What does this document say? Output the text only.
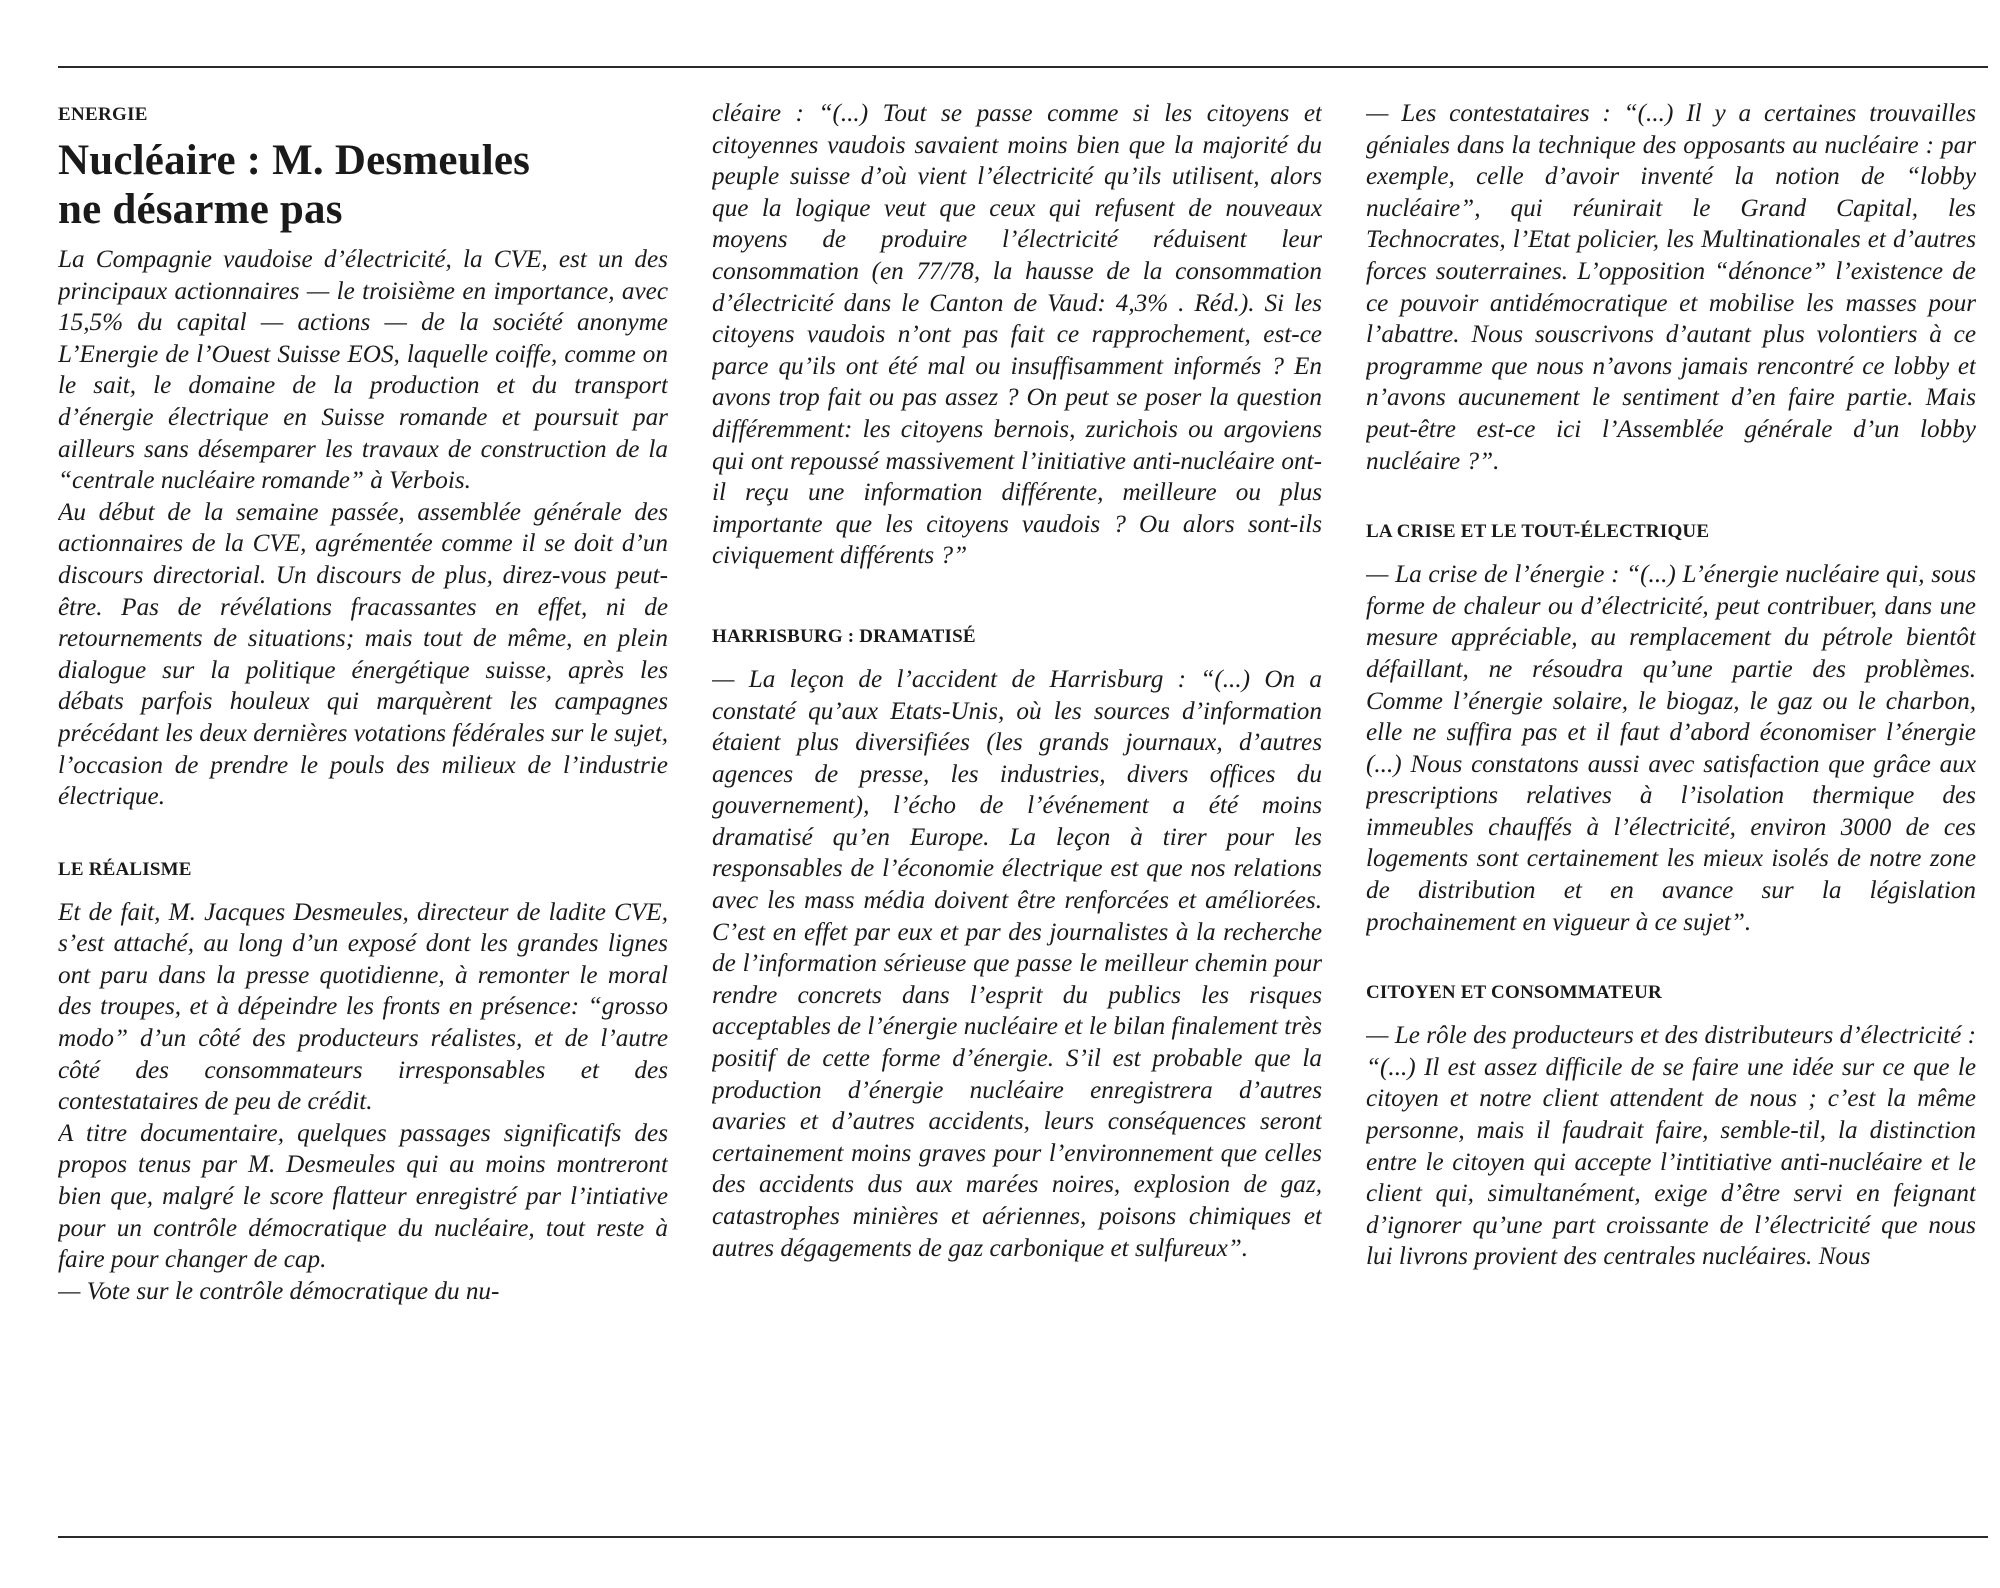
ENERGIE
Nucléaire : M. Desmeules
ne désarme pas

La Compagnie vaudoise d’électricité, la CVE, est un des principaux actionnaires — le troisième en importance, avec 15,5% du capital — actions — de la société anonyme L’Energie de l’Ouest Suisse EOS, laquelle coiffe, comme on le sait, le domaine de la production et du transport d’énergie électrique en Suisse romande et poursuit par ailleurs sans désemparer les travaux de construction de la “centrale nucléaire romande” à Verbois.

Au début de la semaine passée, assemblée générale des actionnaires de la CVE, agrémentée comme il se doit d’un discours directorial. Un discours de plus, direz-vous peut-être. Pas de révélations fracassantes en effet, ni de retournements de situations; mais tout de même, en plein dialogue sur la politique énergétique suisse, après les débats parfois houleux qui marquèrent les campagnes précédant les deux dernières votations fédérales sur le sujet, l’occasion de prendre le pouls des milieux de l’industrie électrique.

LE RÉALISME

Et de fait, M. Jacques Desmeules, directeur de ladite CVE, s’est attaché, au long d’un exposé dont les grandes lignes ont paru dans la presse quotidienne, à remonter le moral des troupes, et à dépeindre les fronts en présence: “grosso modo” d’un côté des producteurs réalistes, et de l’autre côté des consommateurs irresponsables et des contestataires de peu de crédit.

A titre documentaire, quelques passages significatifs des propos tenus par M. Desmeules qui au moins montreront bien que, malgré le score flatteur enregistré par l’intiative pour un contrôle démocratique du nucléaire, tout reste à faire pour changer de cap.

— Vote sur le contrôle démocratique du nu-

cléaire : “(...) Tout se passe comme si les citoyens et citoyennes vaudois savaient moins bien que la majorité du peuple suisse d’où vient l’électricité qu’ils utilisent, alors que la logique veut que ceux qui refusent de nouveaux moyens de produire l’électricité réduisent leur consommation (en 77/78, la hausse de la consommation d’électricité dans le Canton de Vaud: 4,3% . Réd.). Si les citoyens vaudois n’ont pas fait ce rapprochement, est-ce parce qu’ils ont été mal ou insuffisamment informés ? En avons trop fait ou pas assez ? On peut se poser la question différemment: les citoyens bernois, zurichois ou argoviens qui ont repoussé massivement l’initiative anti-nucléaire ont-il reçu une information différente, meilleure ou plus importante que les citoyens vaudois ? Ou alors sont-ils civiquement différents ?”

HARRISBURG : DRAMATISÉ

— La leçon de l’accident de Harrisburg : “(...) On a constaté qu’aux Etats-Unis, où les sources d’information étaient plus diversifiées (les grands journaux, d’autres agences de presse, les industries, divers offices du gouvernement), l’écho de l’événement a été moins dramatisé qu’en Europe. La leçon à tirer pour les responsables de l’économie électrique est que nos relations avec les mass média doivent être renforcées et améliorées. C’est en effet par eux et par des journalistes à la recherche de l’information sérieuse que passe le meilleur chemin pour rendre concrets dans l’esprit du publics les risques acceptables de l’énergie nucléaire et le bilan finalement très positif de cette forme d’énergie. S’il est probable que la production d’énergie nucléaire enregistrera d’autres avaries et d’autres accidents, leurs conséquences seront certainement moins graves pour l’environnement que celles des accidents dus aux marées noires, explosion de gaz, catastrophes minières et aériennes, poisons chimiques et autres dégagements de gaz carbonique et sulfureux”.

— Les contestataires : “(...) Il y a certaines trouvailles géniales dans la technique des opposants au nucléaire : par exemple, celle d’avoir inventé la notion de “lobby nucléaire”, qui réunirait le Grand Capital, les Technocrates, l’Etat policier, les Multinationales et d’autres forces souterraines. L’opposition “dénonce” l’existence de ce pouvoir antidémocratique et mobilise les masses pour l’abattre. Nous souscrivons d’autant plus volontiers à ce programme que nous n’avons jamais rencontré ce lobby et n’avons aucunement le sentiment d’en faire partie. Mais peut-être est-ce ici l’Assemblée générale d’un lobby nucléaire ?”.

LA CRISE ET LE TOUT-ÉLECTRIQUE

— La crise de l’énergie : “(...) L’énergie nucléaire qui, sous forme de chaleur ou d’électricité, peut contribuer, dans une mesure appréciable, au remplacement du pétrole bientôt défaillant, ne résoudra qu’une partie des problèmes. Comme l’énergie solaire, le biogaz, le gaz ou le charbon, elle ne suffira pas et il faut d’abord économiser l’énergie (...) Nous constatons aussi avec satisfaction que grâce aux prescriptions relatives à l’isolation thermique des immeubles chauffés à l’électricité, environ 3000 de ces logements sont certainement les mieux isolés de notre zone de distribution et en avance sur la législation prochainement en vigueur à ce sujet”.

CITOYEN ET CONSOMMATEUR

— Le rôle des producteurs et des distributeurs d’électricité : “(...) Il est assez difficile de se faire une idée sur ce que le citoyen et notre client attendent de nous ; c’est la même personne, mais il faudrait faire, semble-til, la distinction entre le citoyen qui accepte l’intitiative anti-nucléaire et le client qui, simultanément, exige d’être servi en feignant d’ignorer qu’une part croissante de l’électricité que nous lui livrons provient des centrales nucléaires. Nous
